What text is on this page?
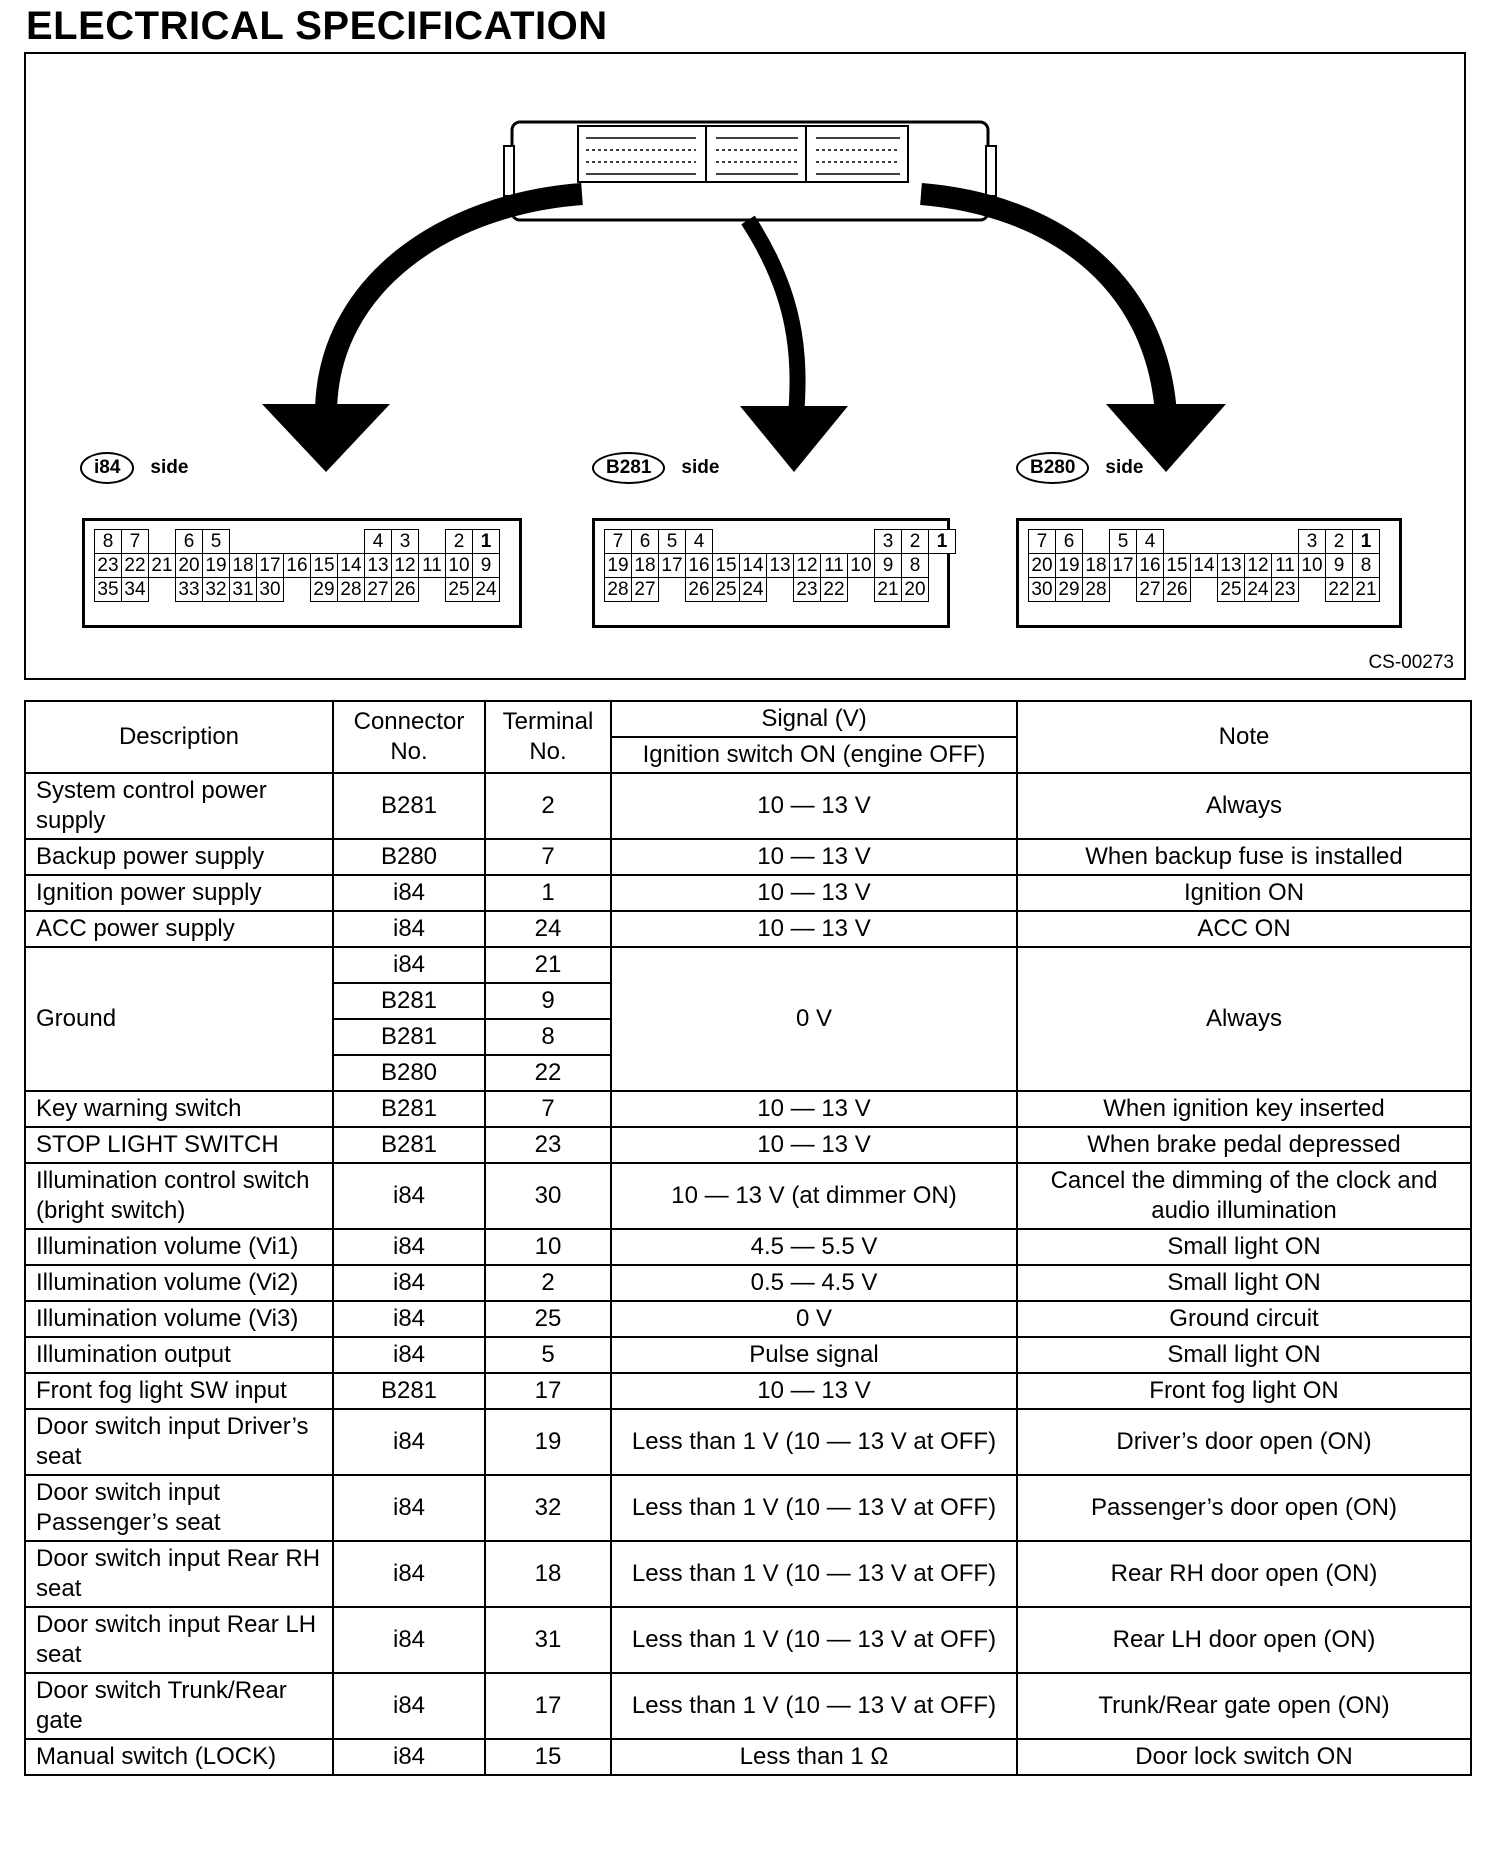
ELECTRICAL SPECIFICATION
i84	side	B281	side	B280	side
8 7	6 5	4 3	2 1
23 22 21 20 19 18 17 16 15 14 13 12 11 10 9
35 34 33 32 31 30 29 28 27 26 25 24
7 6 5 4	3 2 1
19 18 17 16 15 14 13 12 11 10 9 8
28 27 26 25 24 23 22 21 20
7 6	5 4	3 2 1
20 19 18 17 16 15 14 13 12 11 10 9 8
30 29 28 27 26 25 24 23 22 21
CS-00273
Description	Connector No.	Terminal No.	Signal (V)	Note
			Ignition switch ON (engine OFF)	
System control power supply	B281	2	10 — 13 V	Always
Backup power supply	B280	7	10 — 13 V	When backup fuse is installed
Ignition power supply	i84	1	10 — 13 V	Ignition ON
ACC power supply	i84	24	10 — 13 V	ACC ON
Ground	i84	21	0 V	Always
	B281	9		
	B281	8		
	B280	22		
Key warning switch	B281	7	10 — 13 V	When ignition key inserted
STOP LIGHT SWITCH	B281	23	10 — 13 V	When brake pedal depressed
Illumination control switch (bright switch)	i84	30	10 — 13 V (at dimmer ON)	Cancel the dimming of the clock and audio illumination
Illumination volume (Vi1)	i84	10	4.5 — 5.5 V	Small light ON
Illumination volume (Vi2)	i84	2	0.5 — 4.5 V	Small light ON
Illumination volume (Vi3)	i84	25	0 V	Ground circuit
Illumination output	i84	5	Pulse signal	Small light ON
Front fog light SW input	B281	17	10 — 13 V	Front fog light ON
Door switch input Driver’s seat	i84	19	Less than 1 V (10 — 13 V at OFF)	Driver’s door open (ON)
Door switch input Passenger’s seat	i84	32	Less than 1 V (10 — 13 V at OFF)	Passenger’s door open (ON)
Door switch input Rear RH seat	i84	18	Less than 1 V (10 — 13 V at OFF)	Rear RH door open (ON)
Door switch input Rear LH seat	i84	31	Less than 1 V (10 — 13 V at OFF)	Rear LH door open (ON)
Door switch Trunk/Rear gate	i84	17	Less than 1 V (10 — 13 V at OFF)	Trunk/Rear gate open (ON)
Manual switch (LOCK)	i84	15	Less than 1 Ω	Door lock switch ON
